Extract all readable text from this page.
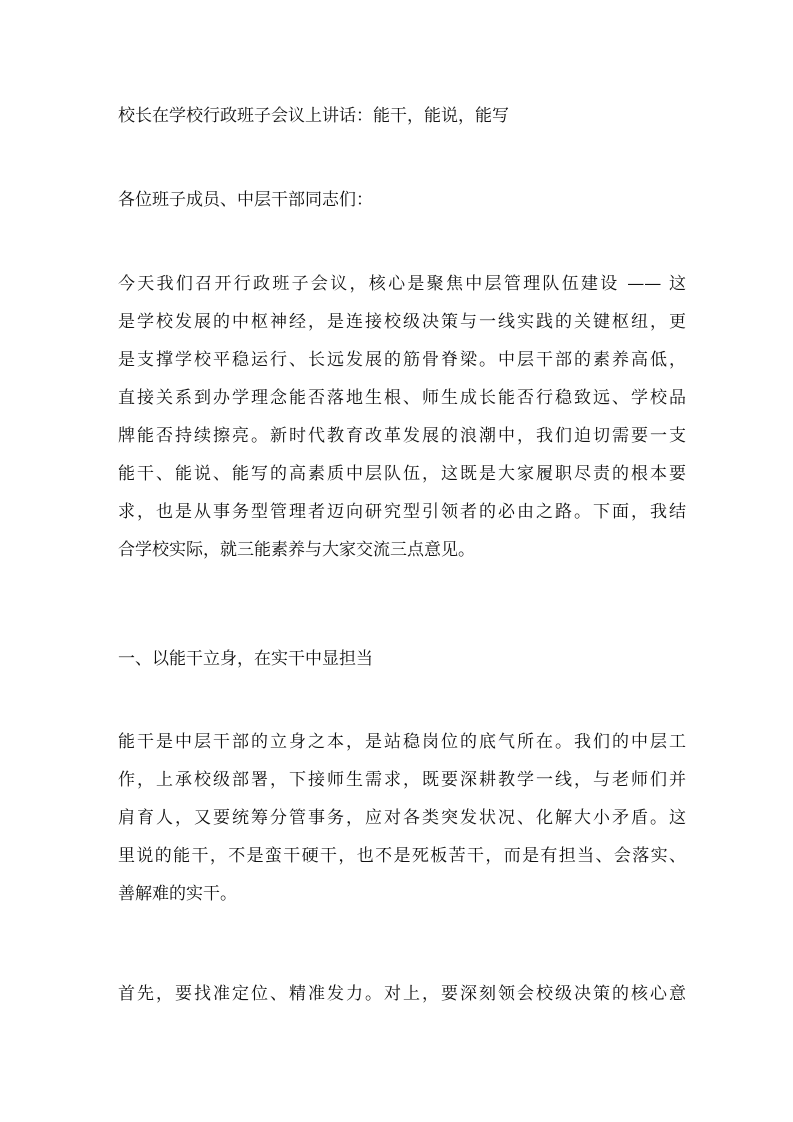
校长在学校行政班子会议上讲话：能干，能说，能写
各位班子成员、中层干部同志们：
今天我们召开行政班子会议，核心是聚焦中层管理队伍建设 —— 这
是学校发展的中枢神经，是连接校级决策与一线实践的关键枢纽，更
是支撑学校平稳运行、长远发展的筋骨脊梁。中层干部的素养高低，
直接关系到办学理念能否落地生根、师生成长能否行稳致远、学校品
牌能否持续擦亮。新时代教育改革发展的浪潮中，我们迫切需要一支
能干、能说、能写的高素质中层队伍，这既是大家履职尽责的根本要
求，也是从事务型管理者迈向研究型引领者的必由之路。下面，我结
合学校实际，就三能素养与大家交流三点意见。
一、以能干立身，在实干中显担当
能干是中层干部的立身之本，是站稳岗位的底气所在。我们的中层工
作，上承校级部署，下接师生需求，既要深耕教学一线，与老师们并
肩育人，又要统筹分管事务，应对各类突发状况、化解大小矛盾。这
里说的能干，不是蛮干硬干，也不是死板苦干，而是有担当、会落实、
善解难的实干。
首先，要找准定位、精准发力。对上，要深刻领会校级决策的核心意
